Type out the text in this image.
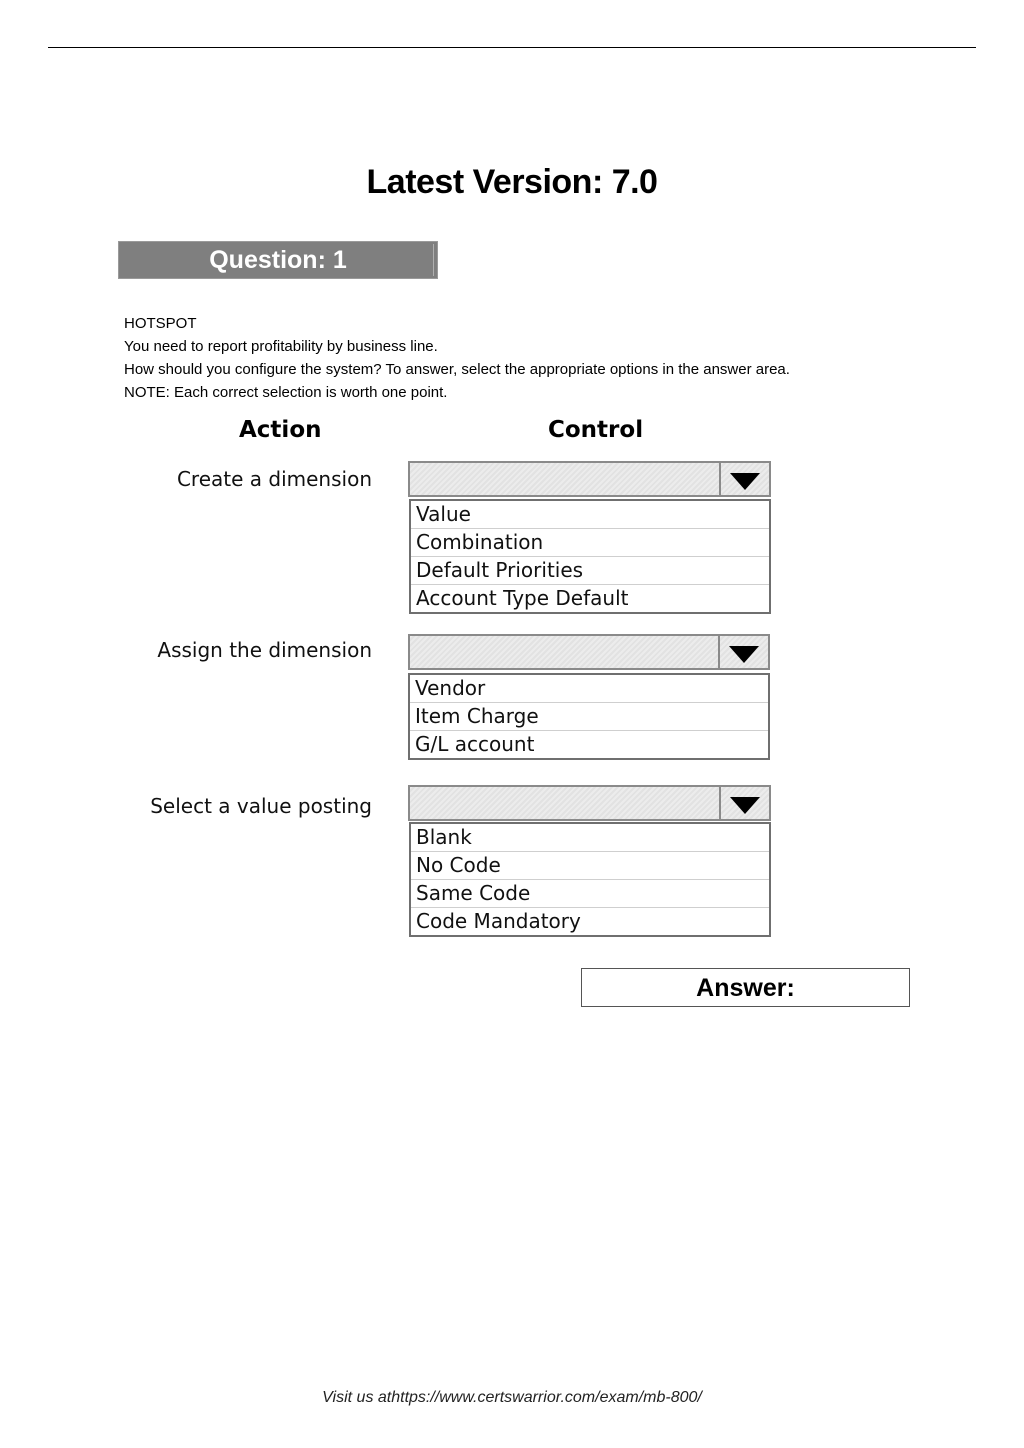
Latest Version: 7.0
Question: 1
HOTSPOT
You need to report profitability by business line.
How should you configure the system? To answer, select the appropriate options in the answer area.
NOTE: Each correct selection is worth one point.
Action	Control
Create a dimension
Value
Combination
Default Priorities
Account Type Default
Assign the dimension
Vendor
Item Charge
G/L account
Select a value posting
Blank
No Code
Same Code
Code Mandatory
Answer:
Visit us athttps://www.certswarrior.com/exam/mb-800/
